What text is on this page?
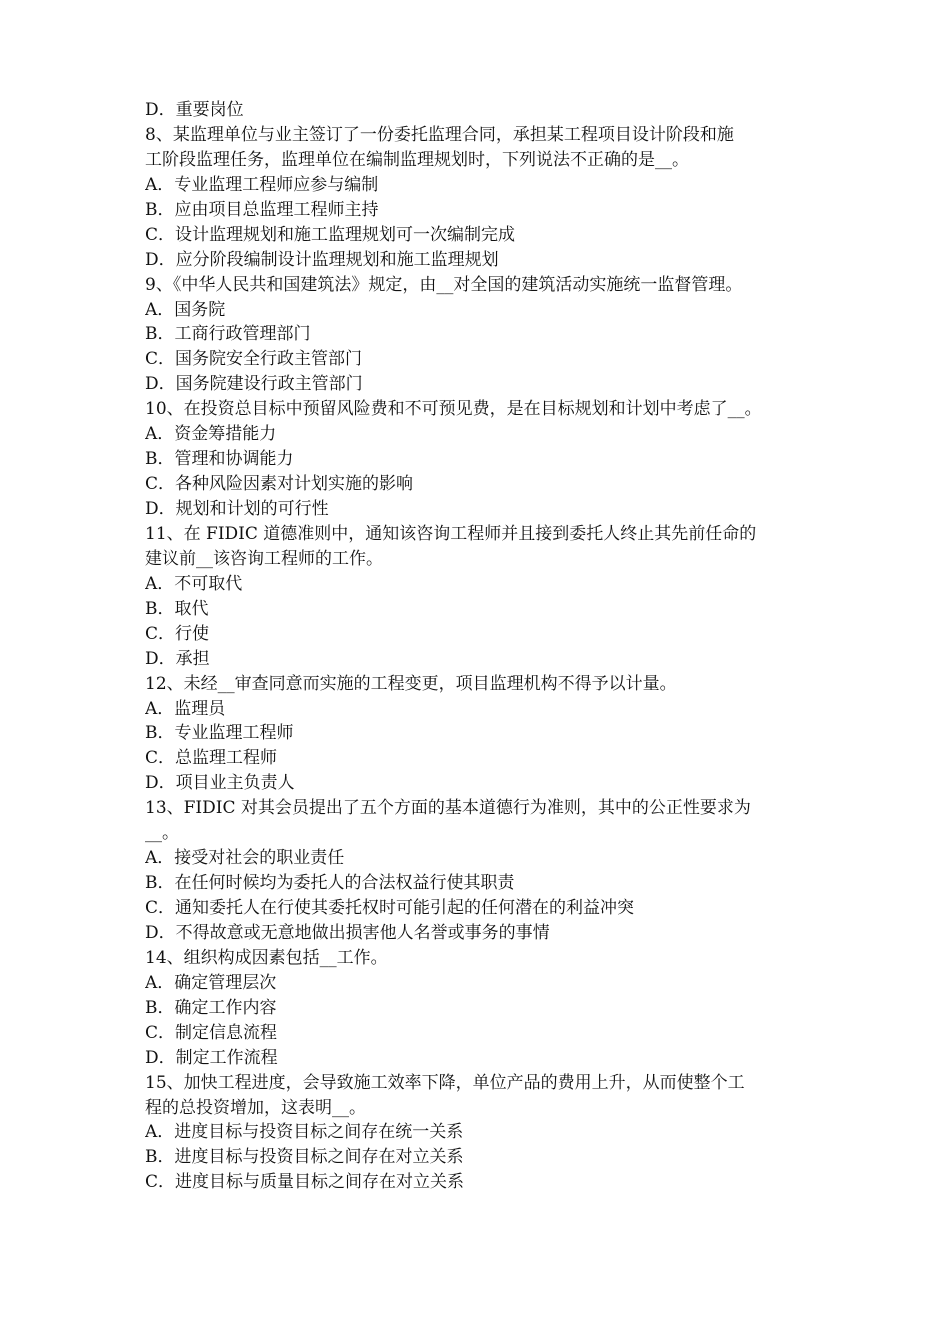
D．重要岗位
8、某监理单位与业主签订了一份委托监理合同，承担某工程项目设计阶段和施
工阶段监理任务，监理单位在编制监理规划时，下列说法不正确的是__。
A．专业监理工程师应参与编制
B．应由项目总监理工程师主持
C．设计监理规划和施工监理规划可一次编制完成
D．应分阶段编制设计监理规划和施工监理规划
9、《中华人民共和国建筑法》规定，由__对全国的建筑活动实施统一监督管理。
A．国务院
B．工商行政管理部门
C．国务院安全行政主管部门
D．国务院建设行政主管部门
10、在投资总目标中预留风险费和不可预见费，是在目标规划和计划中考虑了__。
A．资金筹措能力
B．管理和协调能力
C．各种风险因素对计划实施的影响
D．规划和计划的可行性
11、在 FIDIC 道德准则中，通知该咨询工程师并且接到委托人终止其先前任命的
建议前__该咨询工程师的工作。
A．不可取代
B．取代
C．行使
D．承担
12、未经__审查同意而实施的工程变更，项目监理机构不得予以计量。
A．监理员
B．专业监理工程师
C．总监理工程师
D．项目业主负责人
13、FIDIC 对其会员提出了五个方面的基本道德行为准则，其中的公正性要求为
__。
A．接受对社会的职业责任
B．在任何时候均为委托人的合法权益行使其职责
C．通知委托人在行使其委托权时可能引起的任何潜在的利益冲突
D．不得故意或无意地做出损害他人名誉或事务的事情
14、组织构成因素包括__工作。
A．确定管理层次
B．确定工作内容
C．制定信息流程
D．制定工作流程
15、加快工程进度，会导致施工效率下降，单位产品的费用上升，从而使整个工
程的总投资增加，这表明__。
A．进度目标与投资目标之间存在统一关系
B．进度目标与投资目标之间存在对立关系
C．进度目标与质量目标之间存在对立关系
